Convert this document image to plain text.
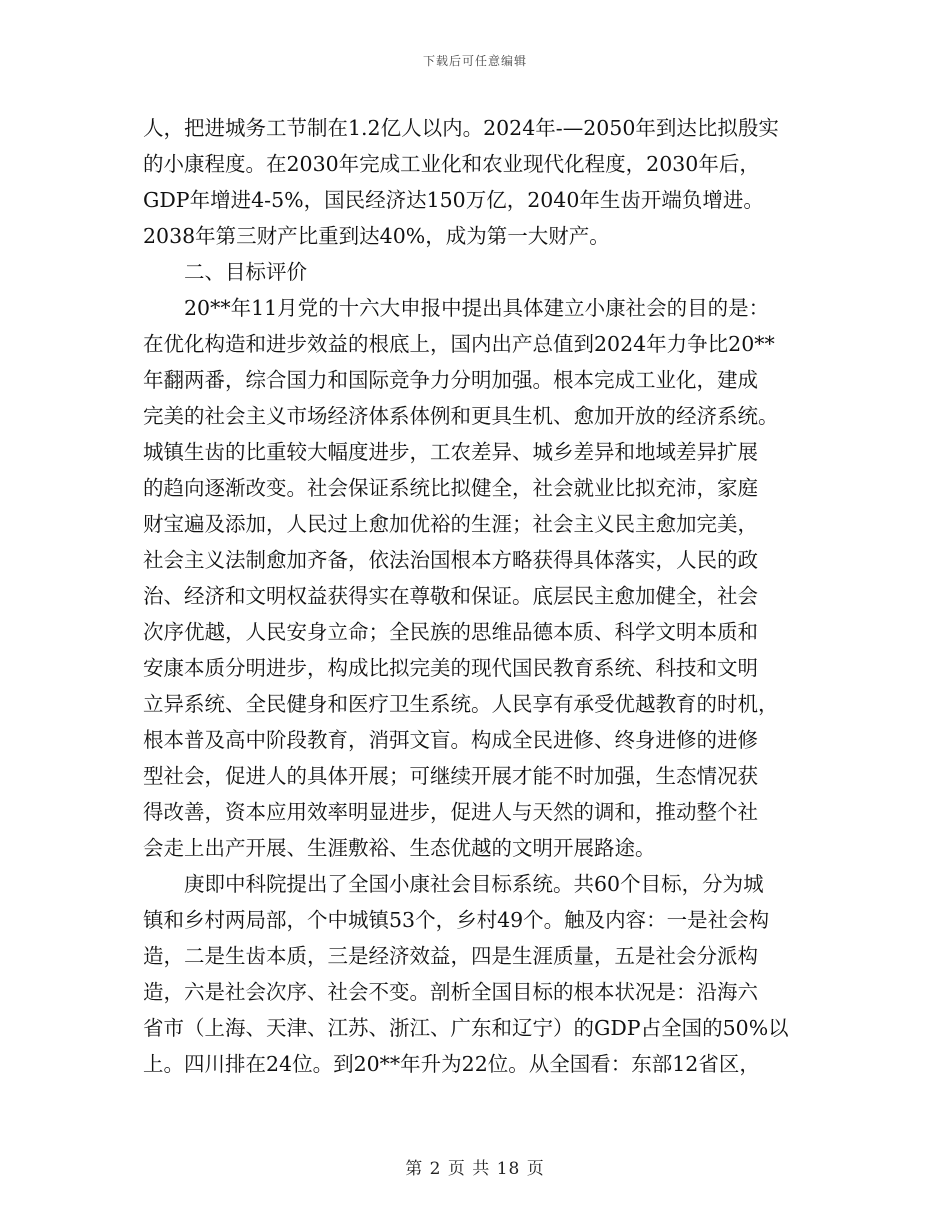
下载后可任意编辑
人，把进城务工节制在1.2亿人以内。2024年-—2050年到达比拟殷实
的小康程度。在2030年完成工业化和农业现代化程度，2030年后，
GDP年增进4-5%，国民经济达150万亿，2040年生齿开端负增进。
2038年第三财产比重到达40%，成为第一大财产。
二、目标评价
20**年11月党的十六大申报中提出具体建立小康社会的目的是：
在优化构造和进步效益的根底上，国内出产总值到2024年力争比20**
年翻两番，综合国力和国际竞争力分明加强。根本完成工业化，建成
完美的社会主义市场经济体系体例和更具生机、愈加开放的经济系统。
城镇生齿的比重较大幅度进步，工农差异、城乡差异和地域差异扩展
的趋向逐渐改变。社会保证系统比拟健全，社会就业比拟充沛，家庭
财宝遍及添加，人民过上愈加优裕的生涯；社会主义民主愈加完美，
社会主义法制愈加齐备，依法治国根本方略获得具体落实，人民的政
治、经济和文明权益获得实在尊敬和保证。底层民主愈加健全，社会
次序优越，人民安身立命；全民族的思维品德本质、科学文明本质和
安康本质分明进步，构成比拟完美的现代国民教育系统、科技和文明
立异系统、全民健身和医疗卫生系统。人民享有承受优越教育的时机，
根本普及高中阶段教育，消弭文盲。构成全民进修、终身进修的进修
型社会，促进人的具体开展；可继续开展才能不时加强，生态情况获
得改善，资本应用效率明显进步，促进人与天然的调和，推动整个社
会走上出产开展、生涯敷裕、生态优越的文明开展路途。
庚即中科院提出了全国小康社会目标系统。共60个目标，分为城
镇和乡村两局部，个中城镇53个，乡村49个。触及内容：一是社会构
造，二是生齿本质，三是经济效益，四是生涯质量，五是社会分派构
造，六是社会次序、社会不变。剖析全国目标的根本状况是：沿海六
省市（上海、天津、江苏、浙江、广东和辽宁）的GDP占全国的50%以
上。四川排在24位。到20**年升为22位。从全国看：东部12省区，
第 2 页 共 18 页
